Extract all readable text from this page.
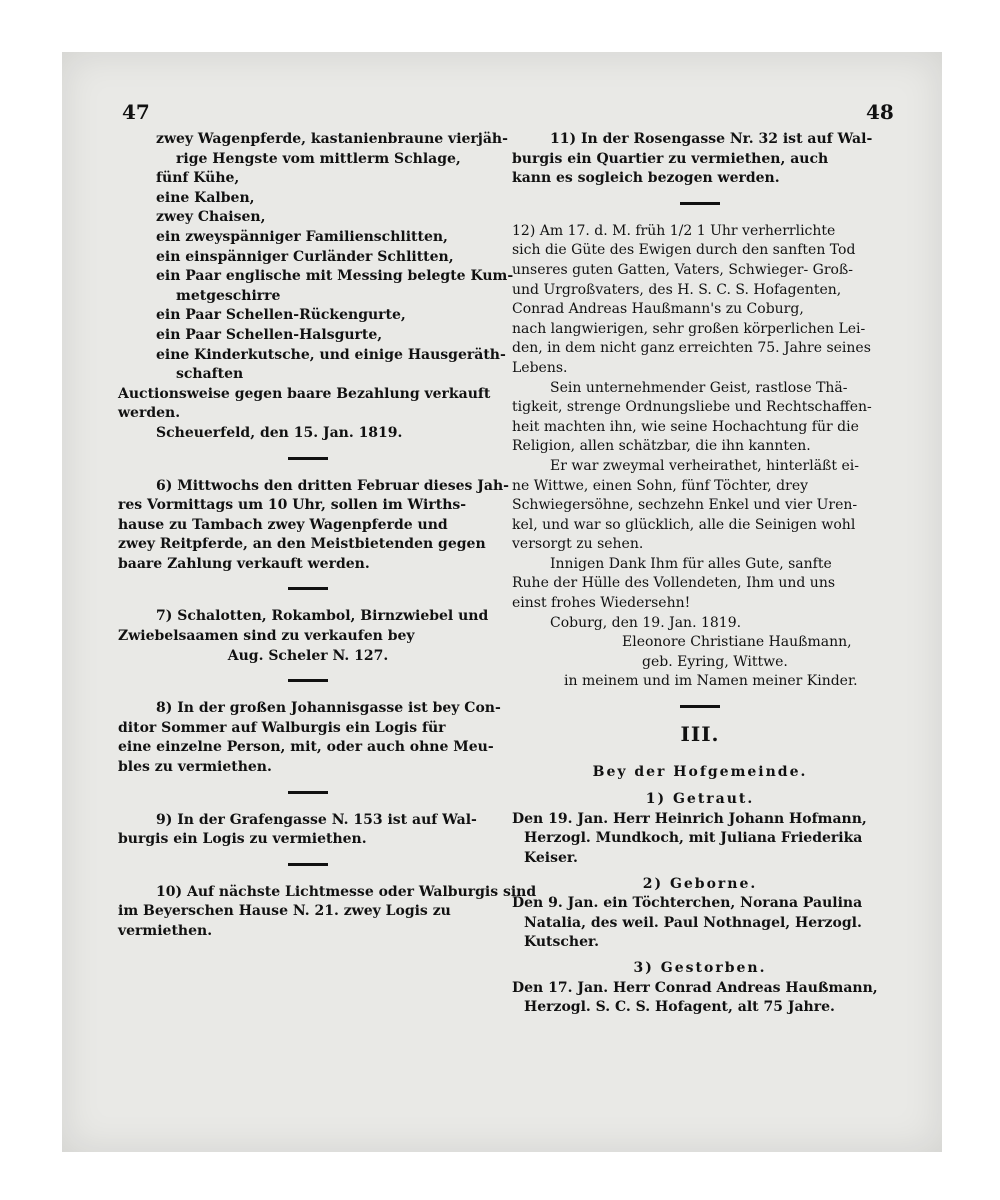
47	48
zwey Wagenpferde, kastanienbraune vierjäh-
rige Hengste vom mittlerm Schlage,
fünf Kühe,
eine Kalben,
zwey Chaisen,
ein zweyspänniger Familienschlitten,
ein einspänniger Curländer Schlitten,
ein Paar englische mit Messing belegte Kum-
metgeschirre
ein Paar Schellen-Rückengurte,
ein Paar Schellen-Halsgurte,
eine Kinderkutsche, und einige Hausgeräth-
schaften
Auctionsweise gegen baare Bezahlung verkauft
werden.
Scheuerfeld, den 15. Jan. 1819.
6) Mittwochs den dritten Februar dieses Jah-
res Vormittags um 10 Uhr, sollen im Wirths-
hause zu Tambach zwey Wagenpferde und
zwey Reitpferde, an den Meistbietenden gegen
baare Zahlung verkauft werden.
7) Schalotten, Rokambol, Birnzwiebel und
Zwiebelsaamen sind zu verkaufen bey
Aug. Scheler N. 127.
8) In der großen Johannisgasse ist bey Con-
ditor Sommer auf Walburgis ein Logis für
eine einzelne Person, mit, oder auch ohne Meu-
bles zu vermiethen.
9) In der Grafengasse N. 153 ist auf Wal-
burgis ein Logis zu vermiethen.
10) Auf nächste Lichtmesse oder Walburgis sind
im Beyerschen Hause N. 21. zwey Logis zu
vermiethen.
11) In der Rosengasse Nr. 32 ist auf Wal-
burgis ein Quartier zu vermiethen, auch
kann es sogleich bezogen werden.
12) Am 17. d. M. früh 1/2 1 Uhr verherrlichte
sich die Güte des Ewigen durch den sanften Tod
unseres guten Gatten, Vaters, Schwieger- Groß-
und Urgroßvaters, des H. S. C. S. Hofagenten,
Conrad Andreas Haußmann's zu Coburg,
nach langwierigen, sehr großen körperlichen Lei-
den, in dem nicht ganz erreichten 75. Jahre seines
Lebens.
Sein unternehmender Geist, rastlose Thä-
tigkeit, strenge Ordnungsliebe und Rechtschaffen-
heit machten ihn, wie seine Hochachtung für die
Religion, allen schätzbar, die ihn kannten.
Er war zweymal verheirathet, hinterläßt ei-
ne Wittwe, einen Sohn, fünf Töchter, drey
Schwiegersöhne, sechzehn Enkel und vier Uren-
kel, und war so glücklich, alle die Seinigen wohl
versorgt zu sehen.
Innigen Dank Ihm für alles Gute, sanfte
Ruhe der Hülle des Vollendeten, Ihm und uns
einst frohes Wiedersehn!
Coburg, den 19. Jan. 1819.
Eleonore Christiane Haußmann,
geb. Eyring, Wittwe.
in meinem und im Namen meiner Kinder.
III.
Bey der Hofgemeinde.
1) Getraut.
Den 19. Jan. Herr Heinrich Johann Hofmann,
Herzogl. Mundkoch, mit Juliana Friederika
Keiser.
2) Geborne.
Den 9. Jan. ein Töchterchen, Norana Paulina
Natalia, des weil. Paul Nothnagel, Herzogl.
Kutscher.
3) Gestorben.
Den 17. Jan. Herr Conrad Andreas Haußmann,
Herzogl. S. C. S. Hofagent, alt 75 Jahre.
